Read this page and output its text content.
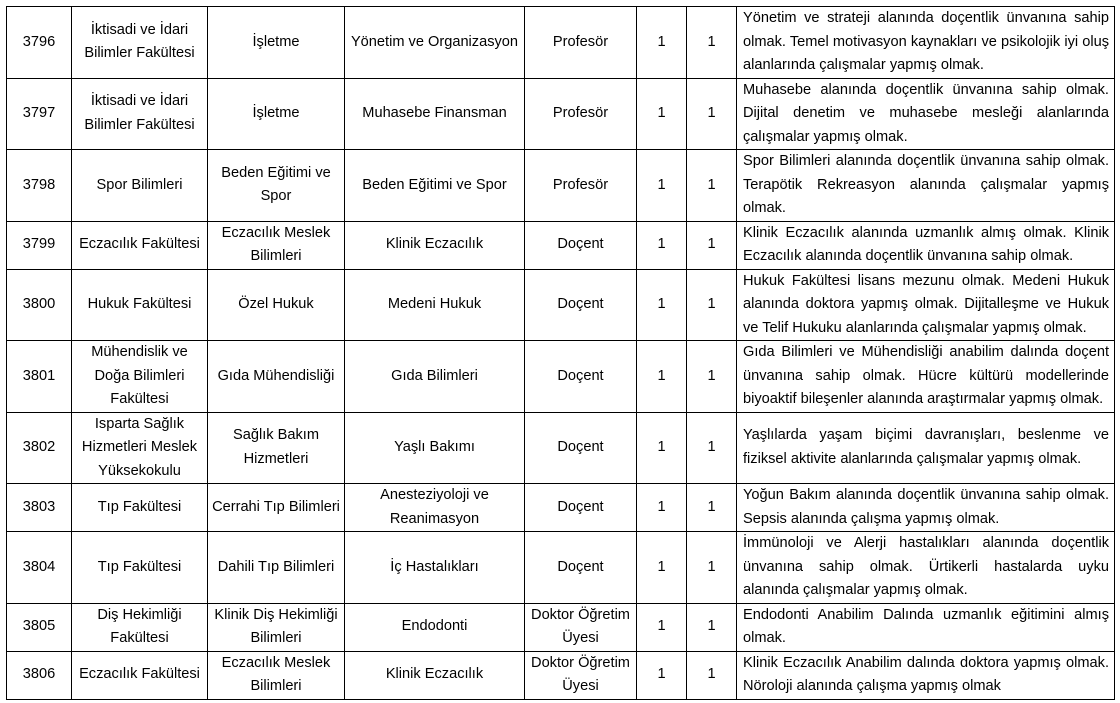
3796	İktisadi ve İdari Bilimler Fakültesi	İşletme	Yönetim ve Organizasyon	Profesör	1	1	Yönetim ve strateji alanında doçentlik ünvanına sahip olmak. Temel motivasyon kaynakları ve psikolojik iyi oluş alanlarında çalışmalar yapmış olmak.
3797	İktisadi ve İdari Bilimler Fakültesi	İşletme	Muhasebe Finansman	Profesör	1	1	Muhasebe alanında doçentlik ünvanına sahip olmak. Dijital denetim ve muhasebe mesleği alanlarında çalışmalar yapmış olmak.
3798	Spor Bilimleri	Beden Eğitimi ve Spor	Beden Eğitimi ve Spor	Profesör	1	1	Spor Bilimleri alanında doçentlik ünvanına sahip olmak. Terapötik Rekreasyon alanında çalışmalar yapmış olmak.
3799	Eczacılık Fakültesi	Eczacılık Meslek Bilimleri	Klinik Eczacılık	Doçent	1	1	Klinik Eczacılık alanında uzmanlık almış olmak. Klinik Eczacılık alanında doçentlik ünvanına sahip olmak.
3800	Hukuk Fakültesi	Özel Hukuk	Medeni Hukuk	Doçent	1	1	Hukuk Fakültesi lisans mezunu olmak. Medeni Hukuk alanında doktora yapmış olmak. Dijitalleşme ve Hukuk ve Telif Hukuku alanlarında çalışmalar yapmış olmak.
3801	Mühendislik ve Doğa Bilimleri Fakültesi	Gıda Mühendisliği	Gıda Bilimleri	Doçent	1	1	Gıda Bilimleri ve Mühendisliği anabilim dalında doçent ünvanına sahip olmak. Hücre kültürü modellerinde biyoaktif bileşenler alanında araştırmalar yapmış olmak.
3802	Isparta Sağlık Hizmetleri Meslek Yüksekokulu	Sağlık Bakım Hizmetleri	Yaşlı Bakımı	Doçent	1	1	Yaşlılarda yaşam biçimi davranışları, beslenme ve fiziksel aktivite alanlarında çalışmalar yapmış olmak.
3803	Tıp Fakültesi	Cerrahi Tıp Bilimleri	Anesteziyoloji ve Reanimasyon	Doçent	1	1	Yoğun Bakım alanında doçentlik ünvanına sahip olmak. Sepsis alanında çalışma yapmış olmak.
3804	Tıp Fakültesi	Dahili Tıp Bilimleri	İç Hastalıkları	Doçent	1	1	İmmünoloji ve Alerji hastalıkları alanında doçentlik ünvanına sahip olmak. Ürtikerli hastalarda uyku alanında çalışmalar yapmış olmak.
3805	Diş Hekimliği Fakültesi	Klinik Diş Hekimliği Bilimleri	Endodonti	Doktor Öğretim Üyesi	1	1	Endodonti Anabilim Dalında uzmanlık eğitimini almış olmak.
3806	Eczacılık Fakültesi	Eczacılık Meslek Bilimleri	Klinik Eczacılık	Doktor Öğretim Üyesi	1	1	Klinik Eczacılık Anabilim dalında doktora yapmış olmak. Nöroloji alanında çalışma yapmış olmak
